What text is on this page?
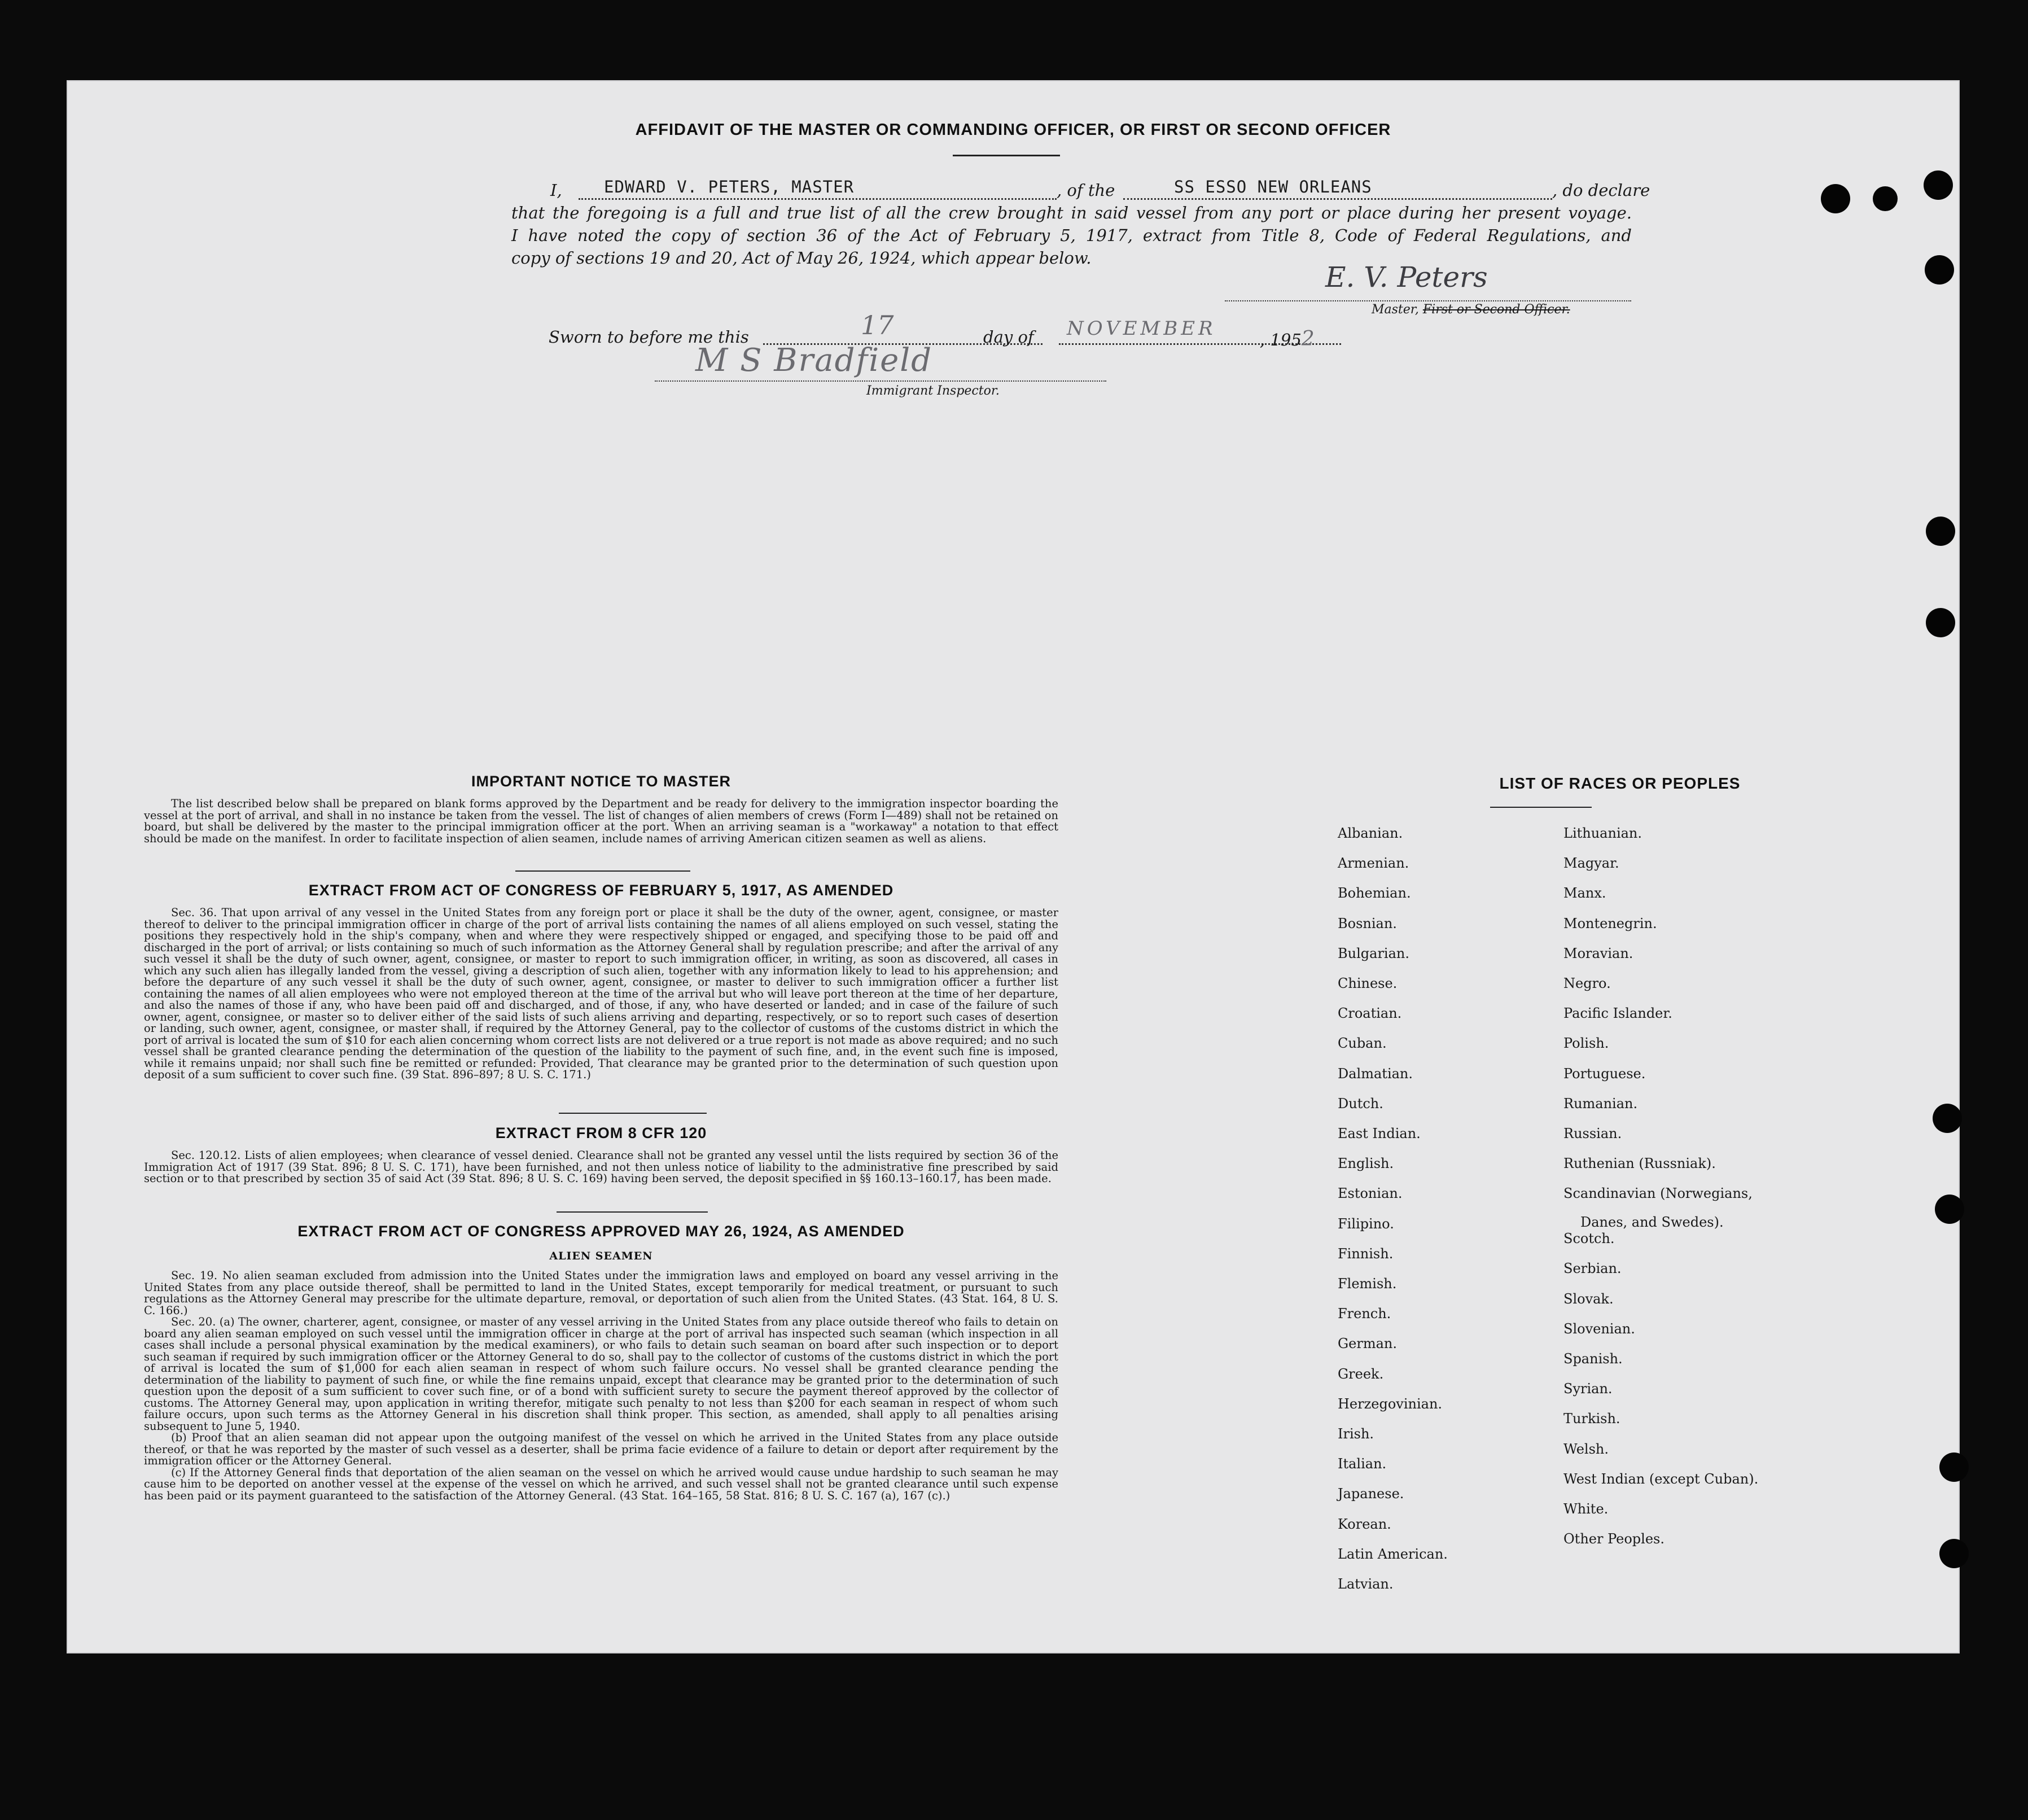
AFFIDAVIT OF THE MASTER OR COMMANDING OFFICER, OR FIRST OR SECOND OFFICER
I,	EDWARD V. PETERS, MASTER	, of the	SS ESSO NEW ORLEANS	, do declare
that the foregoing is a full and true list of all the crew brought in said vessel from any port or place during her present voyage.
I have noted the copy of section 36 of the Act of February 5, 1917, extract from Title 8, Code of Federal Regulations, and
copy of sections 19 and 20, Act of May 26, 1924, which appear below.
E. V. Peters
Master, First or Second Officer.
Sworn to before me this	17	day of NOVEMBER	, 1952
M S Bradfield
Immigrant Inspector.
IMPORTANT NOTICE TO MASTER

The list described below shall be prepared on blank forms approved by the Department and be ready for delivery to the immigration inspector boarding the vessel at the port of arrival, and shall in no instance be taken from the vessel. The list of changes of alien members of crews (Form I—489) shall not be retained on board, but shall be delivered by the master to the principal immigration officer at the port. When an arriving seaman is a "workaway" a notation to that effect should be made on the manifest. In order to facilitate inspection of alien seamen, include names of arriving American citizen seamen as well as aliens.

EXTRACT FROM ACT OF CONGRESS OF FEBRUARY 5, 1917, AS AMENDED

Sec. 36. That upon arrival of any vessel in the United States from any foreign port or place it shall be the duty of the owner, agent, consignee, or master thereof to deliver to the principal immigration officer in charge of the port of arrival lists containing the names of all aliens employed on such vessel, stating the positions they respectively hold in the ship's company, when and where they were respectively shipped or engaged, and specifying those to be paid off and discharged in the port of arrival; or lists containing so much of such information as the Attorney General shall by regulation prescribe; and after the arrival of any such vessel it shall be the duty of such owner, agent, consignee, or master to report to such immigration officer, in writing, as soon as discovered, all cases in which any such alien has illegally landed from the vessel, giving a description of such alien, together with any information likely to lead to his apprehension; and before the departure of any such vessel it shall be the duty of such owner, agent, consignee, or master to deliver to such immigration officer a further list containing the names of all alien employees who were not employed thereon at the time of the arrival but who will leave port thereon at the time of her departure, and also the names of those if any, who have been paid off and discharged, and of those, if any, who have deserted or landed; and in case of the failure of such owner, agent, consignee, or master so to deliver either of the said lists of such aliens arriving and departing, respectively, or so to report such cases of desertion or landing, such owner, agent, consignee, or master shall, if required by the Attorney General, pay to the collector of customs of the customs district in which the port of arrival is located the sum of $10 for each alien concerning whom correct lists are not delivered or a true report is not made as above required; and no such vessel shall be granted clearance pending the determination of the question of the liability to the payment of such fine, and, in the event such fine is imposed, while it remains unpaid; nor shall such fine be remitted or refunded: Provided, That clearance may be granted prior to the determination of such question upon deposit of a sum sufficient to cover such fine. (39 Stat. 896–897; 8 U. S. C. 171.)

EXTRACT FROM 8 CFR 120

Sec. 120.12. Lists of alien employees; when clearance of vessel denied. Clearance shall not be granted any vessel until the lists required by section 36 of the Immigration Act of 1917 (39 Stat. 896; 8 U. S. C. 171), have been furnished, and not then unless notice of liability to the administrative fine prescribed by said section or to that prescribed by section 35 of said Act (39 Stat. 896; 8 U. S. C. 169) having been served, the deposit specified in §§ 160.13–160.17, has been made.

EXTRACT FROM ACT OF CONGRESS APPROVED MAY 26, 1924, AS AMENDED
ALIEN SEAMEN

Sec. 19. No alien seaman excluded from admission into the United States under the immigration laws and employed on board any vessel arriving in the United States from any place outside thereof, shall be permitted to land in the United States, except temporarily for medical treatment, or pursuant to such regulations as the Attorney General may prescribe for the ultimate departure, removal, or deportation of such alien from the United States. (43 Stat. 164, 8 U. S. C. 166.)

Sec. 20. (a) The owner, charterer, agent, consignee, or master of any vessel arriving in the United States from any place outside thereof who fails to detain on board any alien seaman employed on such vessel until the immigration officer in charge at the port of arrival has inspected such seaman (which inspection in all cases shall include a personal physical examination by the medical examiners), or who fails to detain such seaman on board after such inspection or to deport such seaman if required by such immigration officer or the Attorney General to do so, shall pay to the collector of customs of the customs district in which the port of arrival is located the sum of $1,000 for each alien seaman in respect of whom such failure occurs. No vessel shall be granted clearance pending the determination of the liability to payment of such fine, or while the fine remains unpaid, except that clearance may be granted prior to the determination of such question upon the deposit of a sum sufficient to cover such fine, or of a bond with sufficient surety to secure the payment thereof approved by the collector of customs. The Attorney General may, upon application in writing therefor, mitigate such penalty to not less than $200 for each seaman in respect of whom such failure occurs, upon such terms as the Attorney General in his discretion shall think proper. This section, as amended, shall apply to all penalties arising subsequent to June 5, 1940.

(b) Proof that an alien seaman did not appear upon the outgoing manifest of the vessel on which he arrived in the United States from any place outside thereof, or that he was reported by the master of such vessel as a deserter, shall be prima facie evidence of a failure to detain or deport after requirement by the immigration officer or the Attorney General.

(c) If the Attorney General finds that deportation of the alien seaman on the vessel on which he arrived would cause undue hardship to such seaman he may cause him to be deported on another vessel at the expense of the vessel on which he arrived, and such vessel shall not be granted clearance until such expense has been paid or its payment guaranteed to the satisfaction of the Attorney General. (43 Stat. 164–165, 58 Stat. 816; 8 U. S. C. 167 (a), 167 (c).)

LIST OF RACES OR PEOPLES
Albanian.
Armenian.
Bohemian.
Bosnian.
Bulgarian.
Chinese.
Croatian.
Cuban.
Dalmatian.
Dutch.
East Indian.
English.
Estonian.
Filipino.
Finnish.
Flemish.
French.
German.
Greek.
Herzegovinian.
Irish.
Italian.
Japanese.
Korean.
Latin American.
Latvian.
Lithuanian.
Magyar.
Manx.
Montenegrin.
Moravian.
Negro.
Pacific Islander.
Polish.
Portuguese.
Rumanian.
Russian.
Ruthenian (Russniak).
Scandinavian (Norwegians,
Danes, and Swedes).
Scotch.
Serbian.
Slovak.
Slovenian.
Spanish.
Syrian.
Turkish.
Welsh.
West Indian (except Cuban).
White.
Other Peoples.
